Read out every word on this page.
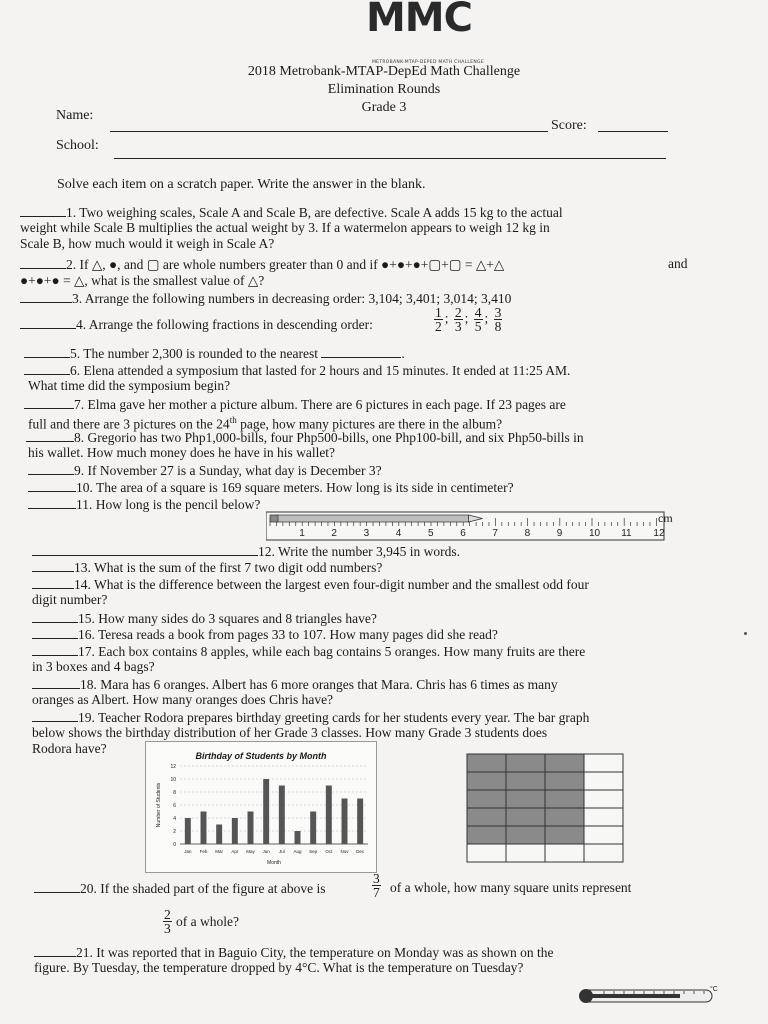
MMC
METROBANK-MTAP-DEPED MATH CHALLENGE
2018 Metrobank-MTAP-DepEd Math Challenge
Elimination Rounds
Grade 3
Name:
Score:
School:
Solve each item on a scratch paper. Write the answer in the blank.
1. Two weighing scales, Scale A and Scale B, are defective. Scale A adds 15 kg to the actual
weight while Scale B multiplies the actual weight by 3. If a watermelon appears to weigh 12 kg in
Scale B, how much would it weigh in Scale A?
2. If △, ●, and ▢ are whole numbers greater than 0 and if ●+●+●+▢+▢ = △+△	and
●+●+● = △, what is the smallest value of △?
3. Arrange the following numbers in decreasing order: 3,104; 3,401; 3,014; 3,410
4. Arrange the following fractions in descending order:	$\frac{1}{2}$ ; $\frac{2}{3}$ ; $\frac{4}{5}$ ; $\frac{3}{8}$
5. The number 2,300 is rounded to the nearest	.
6. Elena attended a symposium that lasted for 2 hours and 15 minutes. It ended at 11:25 AM.
What time did the symposium begin?
7. Elma gave her mother a picture album. There are 6 pictures in each page. If 23 pages are
full and there are 3 pictures on the 24th page, how many pictures are there in the album?
8. Gregorio has two Php1,000-bills, four Php500-bills, one Php100-bill, and six Php50-bills in
his wallet. How much money does he have in his wallet?
9. If November 27 is a Sunday, what day is December 3?
10. The area of a square is 169 square meters. How long is its side in centimeter?
11. How long is the pencil below?
1	2	3	4	5	6	7	8	9	10 11 12
cm
12. Write the number 3,945 in words.
13. What is the sum of the first 7 two digit odd numbers?
14. What is the difference between the largest even four-digit number and the smallest odd four
digit number?
15. How many sides do 3 squares and 8 triangles have?
16. Teresa reads a book from pages 33 to 107. How many pages did she read?
17. Each box contains 8 apples, while each bag contains 5 oranges. How many fruits are there
in 3 boxes and 4 bags?
18. Mara has 6 oranges. Albert has 6 more oranges that Mara. Chris has 6 times as many
oranges as Albert. How many oranges does Chris have?
19. Teacher Rodora prepares birthday greeting cards for her students every year. The bar graph
below shows the birthday distribution of her Grade 3 classes. How many Grade 3 students does
Rodora have?	Birthday of Students by Month
0
2
4
6
8
10
12
Jan Feb Mar Apr May Jun Jul Aug Sep Oct Nov Dec
Month
Number of Students
20. If the shaded part of the figure at above is	$\frac{3}{7}$ of a whole, how many square units represent
$\frac{2}{3}$ of a whole?
21. It was reported that in Baguio City, the temperature on Monday was as shown on the
figure. By Tuesday, the temperature dropped by 4°C. What is the temperature on Tuesday?
°C
